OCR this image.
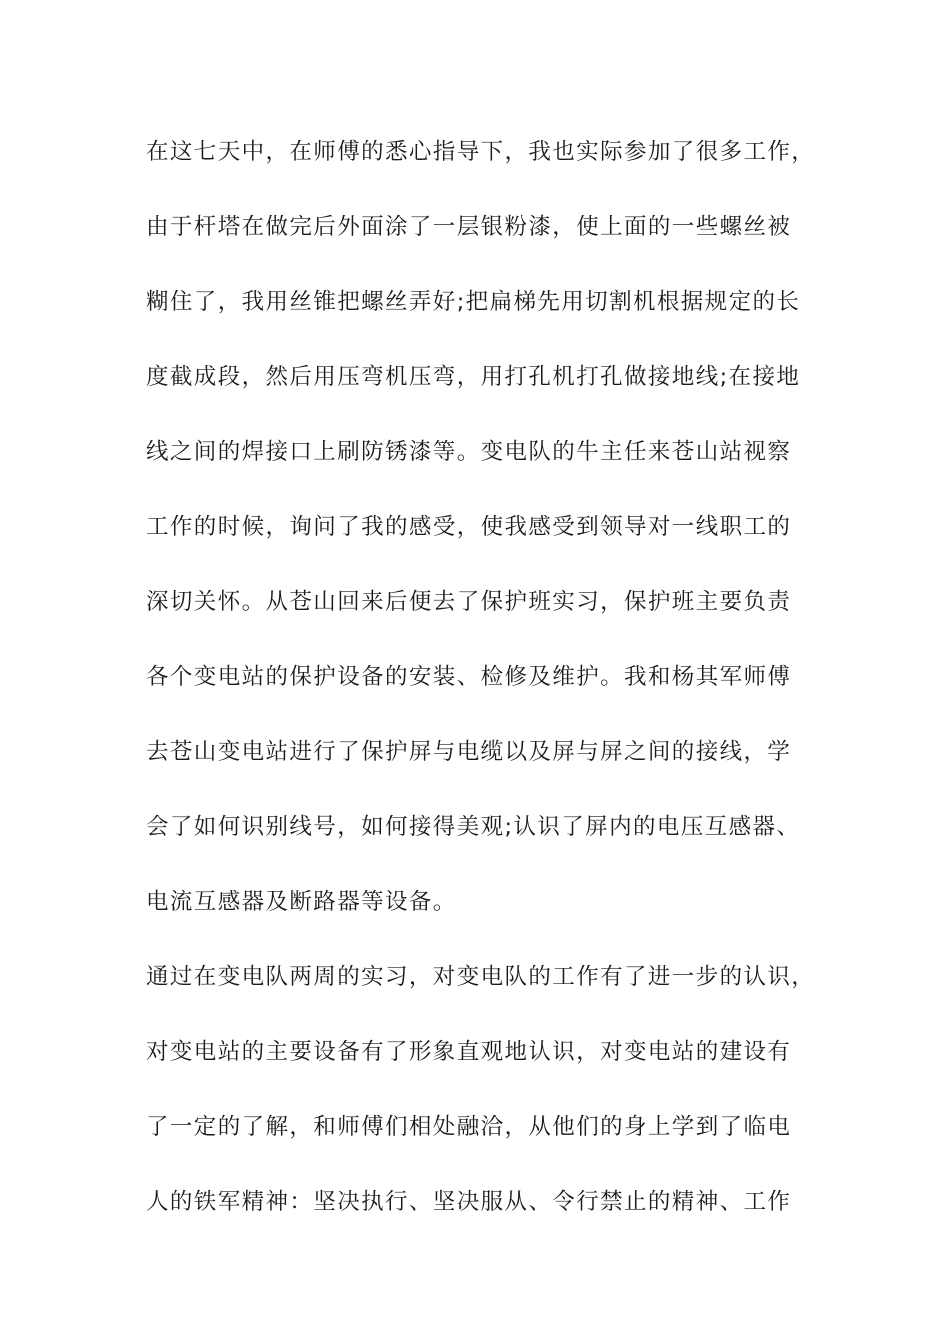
在这七天中，在师傅的悉心指导下，我也实际参加了很多工作，
由于杆塔在做完后外面涂了一层银粉漆，使上面的一些螺丝被
糊住了，我用丝锥把螺丝弄好;把扁梯先用切割机根据规定的长
度截成段，然后用压弯机压弯，用打孔机打孔做接地线;在接地
线之间的焊接口上刷防锈漆等。变电队的牛主任来苍山站视察
工作的时候，询问了我的感受，使我感受到领导对一线职工的
深切关怀。从苍山回来后便去了保护班实习，保护班主要负责
各个变电站的保护设备的安装、检修及维护。我和杨其军师傅
去苍山变电站进行了保护屏与电缆以及屏与屏之间的接线，学
会了如何识别线号，如何接得美观;认识了屏内的电压互感器、
电流互感器及断路器等设备。
通过在变电队两周的实习，对变电队的工作有了进一步的认识，
对变电站的主要设备有了形象直观地认识，对变电站的建设有
了一定的了解，和师傅们相处融洽，从他们的身上学到了临电
人的铁军精神：坚决执行、坚决服从、令行禁止的精神、工作
